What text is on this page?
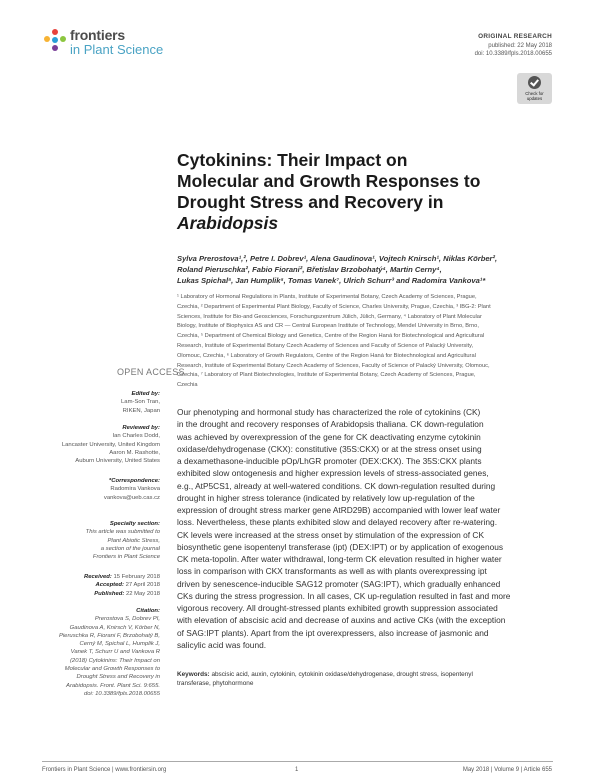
frontiers
in Plant Science
ORIGINAL RESEARCH
published: 22 May 2018
doi: 10.3389/fpls.2018.00655
Check for
updates
Cytokinins: Their Impact on
Molecular and Growth Responses to
Drought Stress and Recovery in
Arabidopsis
Sylva Prerostova¹,², Petre I. Dobrev¹, Alena Gaudinova¹, Vojtech Knirsch¹, Niklas Körber²,
Roland Pieruschka², Fabio Fiorani², Břetislav Brzobohatý⁴, Martin Cerny⁴,
Lukas Spichal⁵, Jan Humplik⁵, Tomas Vanek⁷, Ulrich Schurr³ and Radomira Vankova¹*
¹ Laboratory of Hormonal Regulations in Plants, Institute of Experimental Botany, Czech Academy of Sciences, Prague,
Czechia, ² Department of Experimental Plant Biology, Faculty of Science, Charles University, Prague, Czechia, ³ IBG-2: Plant
Sciences, Institute for Bio-and Geosciences, Forschungszentrum Jülich, Jülich, Germany, ⁴ Laboratory of Plant Molecular
Biology, Institute of Biophysics AS and CR — Central European Institute of Technology, Mendel University in Brno, Brno,
Czechia, ⁵ Department of Chemical Biology and Genetics, Centre of the Region Haná for Biotechnological and Agricultural
Research, Institute of Experimental Botany Czech Academy of Sciences and Faculty of Science of Palacký University,
Olomouc, Czechia, ⁶ Laboratory of Growth Regulators, Centre of the Region Haná for Biotechnological and Agricultural
Research, Institute of Experimental Botany Czech Academy of Sciences, Faculty of Science of Palacký University, Olomouc,
Czechia, ⁷ Laboratory of Plant Biotechnologies, Institute of Experimental Botany, Czech Academy of Sciences, Prague,
Czechia
OPEN ACCESS
Edited by:
Lam-Son Tran,
RIKEN, Japan
Reviewed by:
Ian Charles Dodd,
Lancaster University, United Kingdom
Aaron M. Rashotte,
Auburn University, United States
*Correspondence:
Radomira Vankova
vankova@ueb.cas.cz
Specialty section:
This article was submitted to
Plant Abiotic Stress,
a section of the journal
Frontiers in Plant Science
Received: 15 February 2018
Accepted: 27 April 2018
Published: 22 May 2018
Citation:
Prerostova S, Dobrev PI,
Gaudinova A, Knirsch V, Körber N,
Pieruschka R, Fiorani F, Brzobohatý B,
Cerný M, Spichal L, Humplik J,
Vanek T, Schurr U and Vankova R
(2018) Cytokinins: Their Impact on
Molecular and Growth Responses to
Drought Stress and Recovery in
Arabidopsis. Front. Plant Sci. 9:655.
doi: 10.3389/fpls.2018.00655
Our phenotyping and hormonal study has characterized the role of cytokinins (CK)
in the drought and recovery responses of Arabidopsis thaliana. CK down-regulation
was achieved by overexpression of the gene for CK deactivating enzyme cytokinin
oxidase/dehydrogenase (CKX): constitutive (35S:CKX) or at the stress onset using
a dexamethasone-inducible pOp/LhGR promoter (DEX:CKX). The 35S:CKX plants
exhibited slow ontogenesis and higher expression levels of stress-associated genes,
e.g., AtP5CS1, already at well-watered conditions. CK down-regulation resulted during
drought in higher stress tolerance (indicated by relatively low up-regulation of the
expression of drought stress marker gene AtRD29B) accompanied with lower leaf water
loss. Nevertheless, these plants exhibited slow and delayed recovery after re-watering.
CK levels were increased at the stress onset by stimulation of the expression of CK
biosynthetic gene isopentenyl transferase (ipt) (DEX:IPT) or by application of exogenous
CK meta-topolin. After water withdrawal, long-term CK elevation resulted in higher water
loss in comparison with CKX transformants as well as with plants overexpressing ipt
driven by senescence-inducible SAG12 promoter (SAG:IPT), which gradually enhanced
CKs during the stress progression. In all cases, CK up-regulation resulted in fast and more
vigorous recovery. All drought-stressed plants exhibited growth suppression associated
with elevation of abscisic acid and decrease of auxins and active CKs (with the exception
of SAG:IPT plants). Apart from the ipt overexpressers, also increase of jasmonic and
salicylic acid was found.
Keywords: abscisic acid, auxin, cytokinin, cytokinin oxidase/dehydrogenase, drought stress, isopentenyl
transferase, phytohormone
Frontiers in Plant Science | www.frontiersin.org	1	May 2018 | Volume 9 | Article 655
